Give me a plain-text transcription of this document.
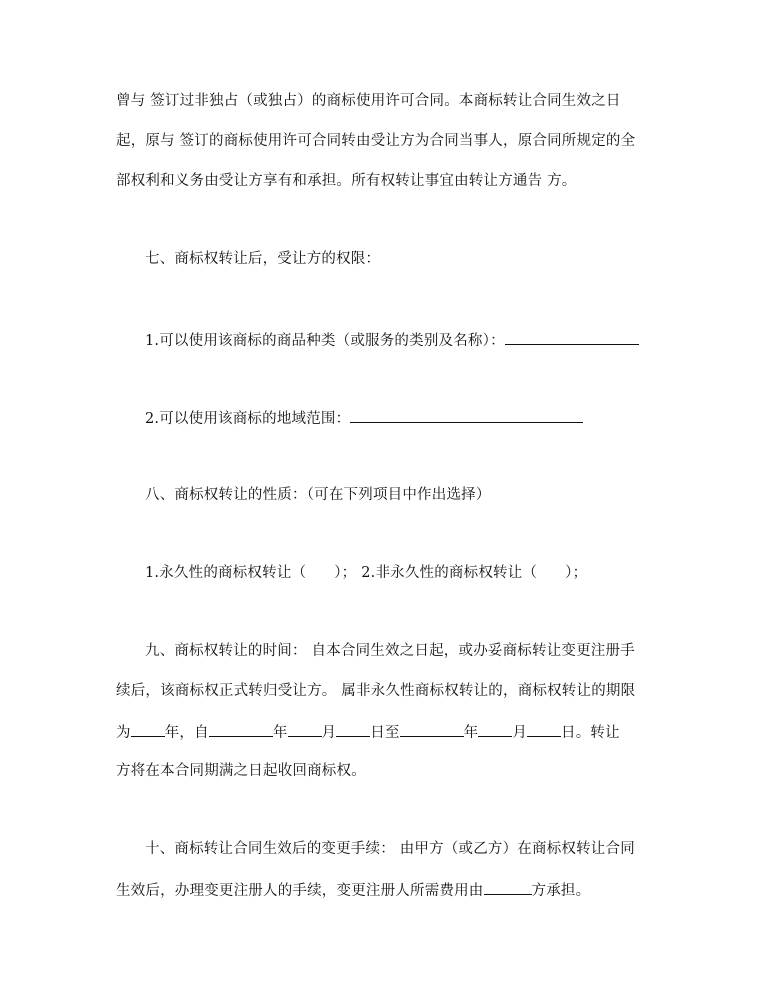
曾与 签订过非独占（或独占）的商标使用许可合同。本商标转让合同生效之日
起，原与 签订的商标使用许可合同转由受让方为合同当事人，原合同所规定的全
部权利和义务由受让方享有和承担。所有权转让事宜由转让方通告 方。
七、商标权转让后，受让方的权限：
1.可以使用该商标的商品种类（或服务的类别及名称）：
2.可以使用该商标的地域范围：
八、商标权转让的性质：（可在下列项目中作出选择）
1.永久性的商标权转让（ ）； 2.非永久性的商标权转让（ ）；
九、商标权转让的时间： 自本合同生效之日起，或办妥商标转让变更注册手
续后，该商标权正式转归受让方。 属非永久性商标权转让的，商标权转让的期限
为 年，自	年 月 日至	年 月 日。转让
方将在本合同期满之日起收回商标权。
十、商标转让合同生效后的变更手续： 由甲方（或乙方）在商标权转让合同
生效后，办理变更注册人的手续，变更注册人所需费用由	方承担。
